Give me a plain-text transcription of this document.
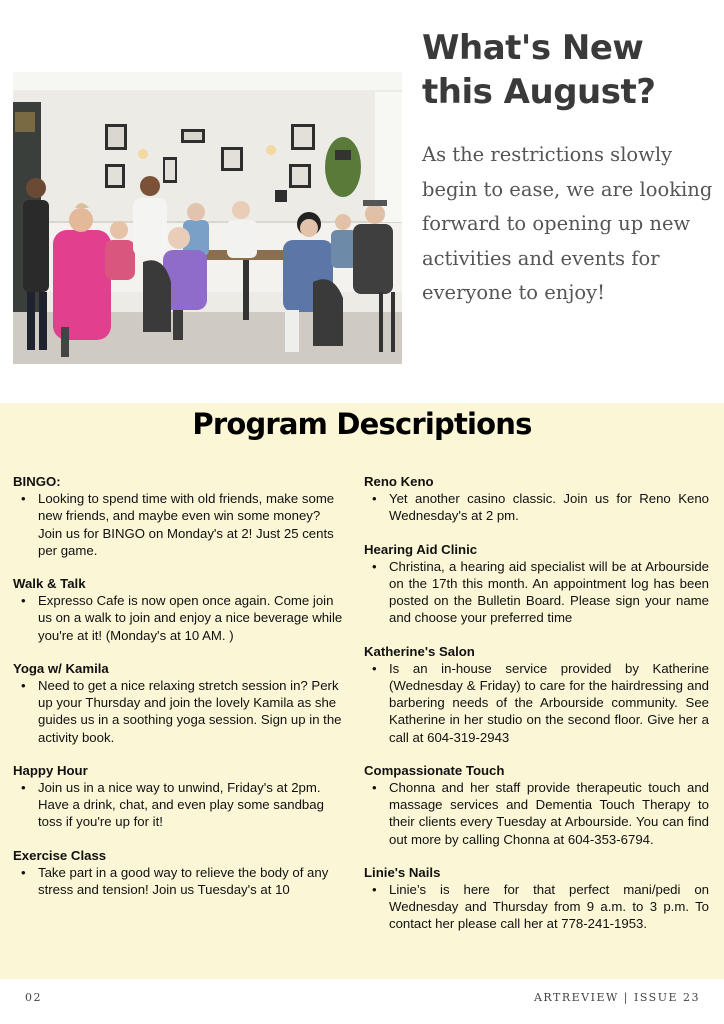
What's New
this August?
As the restrictions slowly begin to ease, we are looking forward to opening up new activities and events for everyone to enjoy!
Program Descriptions
BINGO:
• Looking to spend time with old friends, make some new friends, and maybe even win some money? Join us for BINGO on Monday's at 2! Just 25 cents per game.
Walk & Talk
• Expresso Cafe is now open once again. Come join us on a walk to join and enjoy a nice beverage while you're at it! (Monday's at 10 AM. )
Yoga w/ Kamila
• Need to get a nice relaxing stretch session in? Perk up your Thursday and join the lovely Kamila as she guides us in a soothing yoga session. Sign up in the activity book.
Happy Hour
• Join us in a nice way to unwind, Friday's at 2pm. Have a drink, chat, and even play some sandbag toss if you're up for it!
Exercise Class
• Take part in a good way to relieve the body of any stress and tension! Join us Tuesday's at 10
Reno Keno
• Yet another casino classic. Join us for Reno Keno Wednesday's at 2 pm.
Hearing Aid Clinic
• Christina, a hearing aid specialist will be at Arbourside on the 17th this month. An appointment log has been posted on the Bulletin Board. Please sign your name and choose your preferred time
Katherine's Salon
• Is an in-house service provided by Katherine (Wednesday & Friday) to care for the hairdressing and barbering needs of the Arbourside community. See Katherine in her studio on the second floor. Give her a call at 604-319-2943
Compassionate Touch
• Chonna and her staff provide therapeutic touch and massage services and Dementia Touch Therapy to their clients every Tuesday at Arbourside. You can find out more by calling Chonna at 604-353-6794.
Linie's Nails
• Linie’s is here for that perfect mani/pedi on Wednesday and Thursday from 9 a.m. to 3 p.m. To contact her please call her at 778-241-1953.
02	ARTREVIEW | ISSUE 23
